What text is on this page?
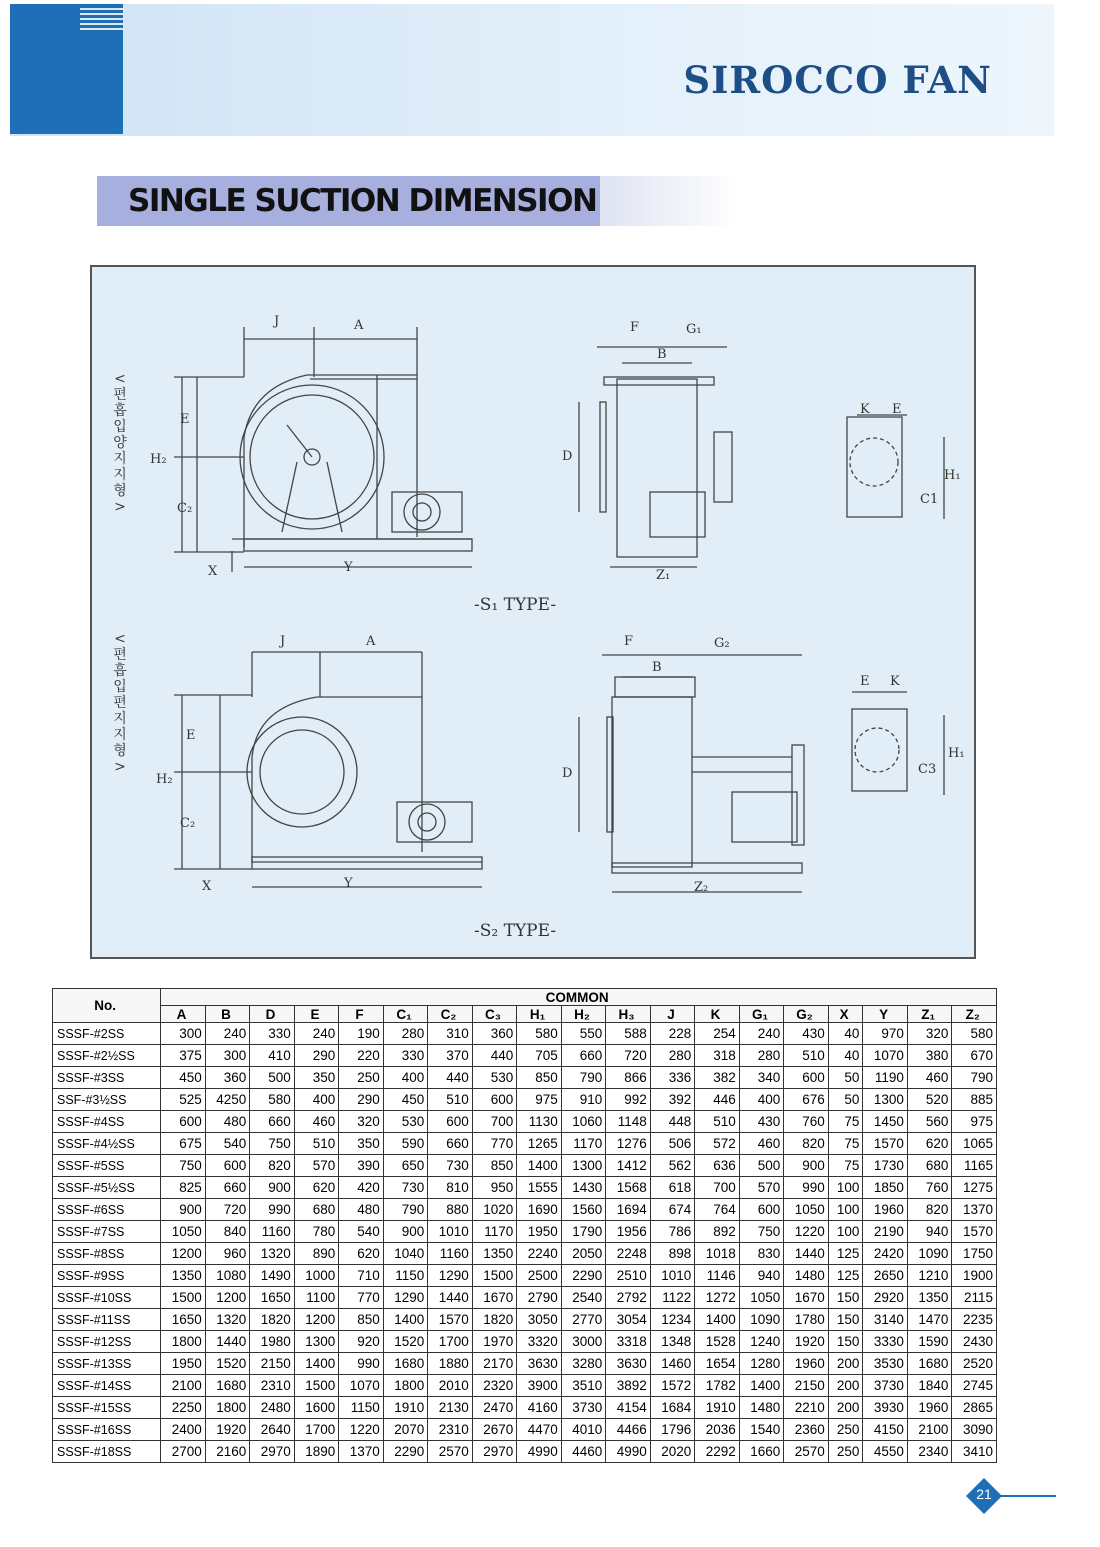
SIROCCO FAN
SINGLE SUCTION DIMENSION
J	A
E
H₂
C₂
X	Y
F	G₁
B
D
Z₁
K E
H₁
C1
J	A
E
H₂
C₂
X	Y
F	G₂
B
D
Z₂
E K
H₁
C3
<편흡입 양지지형>
<편흡입 편지지형>
-S₁ TYPE-
-S₂ TYPE-
No.	COMMON																		
	A	B	D	E	F	C₁	C₂	C₃	H₁	H₂	H₃	J	K	G₁	G₂	X	Y	Z₁	Z₂
SSSF-#2SS	300	240	330	240	190	280	310	360	580	550	588	228	254	240	430	40	970	320	580
SSSF-#2½SS	375	300	410	290	220	330	370	440	705	660	720	280	318	280	510	40	1070	380	670
SSSF-#3SS	450	360	500	350	250	400	440	530	850	790	866	336	382	340	600	50	1190	460	790
SSF-#3½SS	525	4250	580	400	290	450	510	600	975	910	992	392	446	400	676	50	1300	520	885
SSSF-#4SS	600	480	660	460	320	530	600	700	1130	1060	1148	448	510	430	760	75	1450	560	975
SSSF-#4½SS	675	540	750	510	350	590	660	770	1265	1170	1276	506	572	460	820	75	1570	620	1065
SSSF-#5SS	750	600	820	570	390	650	730	850	1400	1300	1412	562	636	500	900	75	1730	680	1165
SSSF-#5½SS	825	660	900	620	420	730	810	950	1555	1430	1568	618	700	570	990	100	1850	760	1275
SSSF-#6SS	900	720	990	680	480	790	880	1020	1690	1560	1694	674	764	600	1050	100	1960	820	1370
SSSF-#7SS	1050	840	1160	780	540	900	1010	1170	1950	1790	1956	786	892	750	1220	100	2190	940	1570
SSSF-#8SS	1200	960	1320	890	620	1040	1160	1350	2240	2050	2248	898	1018	830	1440	125	2420	1090	1750
SSSF-#9SS	1350	1080	1490	1000	710	1150	1290	1500	2500	2290	2510	1010	1146	940	1480	125	2650	1210	1900
SSSF-#10SS	1500	1200	1650	1100	770	1290	1440	1670	2790	2540	2792	1122	1272	1050	1670	150	2920	1350	2115
SSSF-#11SS	1650	1320	1820	1200	850	1400	1570	1820	3050	2770	3054	1234	1400	1090	1780	150	3140	1470	2235
SSSF-#12SS	1800	1440	1980	1300	920	1520	1700	1970	3320	3000	3318	1348	1528	1240	1920	150	3330	1590	2430
SSSF-#13SS	1950	1520	2150	1400	990	1680	1880	2170	3630	3280	3630	1460	1654	1280	1960	200	3530	1680	2520
SSSF-#14SS	2100	1680	2310	1500	1070	1800	2010	2320	3900	3510	3892	1572	1782	1400	2150	200	3730	1840	2745
SSSF-#15SS	2250	1800	2480	1600	1150	1910	2130	2470	4160	3730	4154	1684	1910	1480	2210	200	3930	1960	2865
SSSF-#16SS	2400	1920	2640	1700	1220	2070	2310	2670	4470	4010	4466	1796	2036	1540	2360	250	4150	2100	3090
SSSF-#18SS	2700	2160	2970	1890	1370	2290	2570	2970	4990	4460	4990	2020	2292	1660	2570	250	4550	2340	3410
21
